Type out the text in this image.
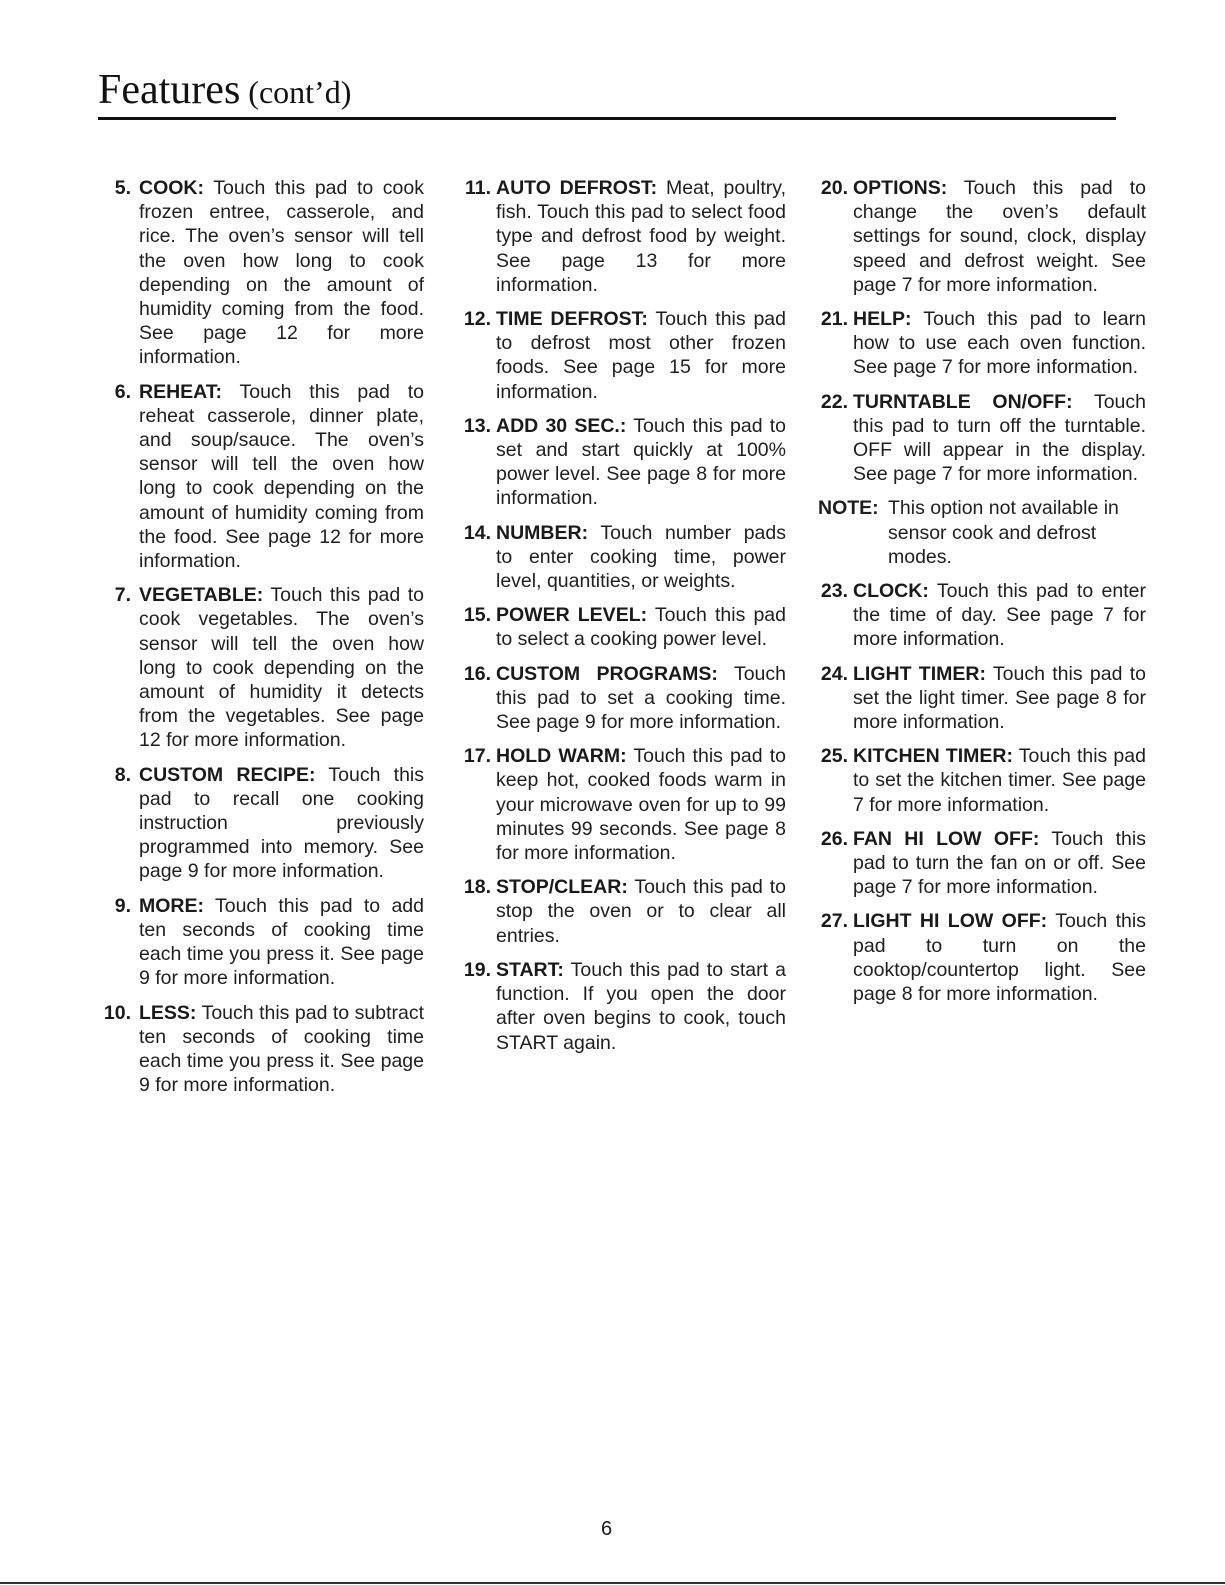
Features (cont’d)
5. COOK: Touch this pad to cook frozen entree, casserole, and rice. The oven’s sensor will tell the oven how long to cook depending on the amount of humidity coming from the food. See page 12 for more information.
6. REHEAT: Touch this pad to reheat casserole, dinner plate, and soup/sauce. The oven’s sensor will tell the oven how long to cook depending on the amount of humidity coming from the food. See page 12 for more information.
7. VEGETABLE: Touch this pad to cook vegetables. The oven’s sensor will tell the oven how long to cook depending on the amount of humidity it detects from the vegetables. See page 12 for more information.
8. CUSTOM RECIPE: Touch this pad to recall one cooking instruction previously programmed into memory. See page 9 for more information.
9. MORE: Touch this pad to add ten seconds of cooking time each time you press it. See page 9 for more information.
10. LESS: Touch this pad to subtract ten seconds of cooking time each time you press it. See page 9 for more information.
11. AUTO DEFROST: Meat, poultry, fish. Touch this pad to select food type and defrost food by weight. See page 13 for more information.
12. TIME DEFROST: Touch this pad to defrost most other frozen foods. See page 15 for more information.
13. ADD 30 SEC.: Touch this pad to set and start quickly at 100% power level. See page 8 for more information.
14. NUMBER: Touch number pads to enter cooking time, power level, quantities, or weights.
15. POWER LEVEL: Touch this pad to select a cooking power level.
16. CUSTOM PROGRAMS: Touch this pad to set a cooking time. See page 9 for more information.
17. HOLD WARM: Touch this pad to keep hot, cooked foods warm in your microwave oven for up to 99 minutes 99 seconds. See page 8 for more information.
18. STOP/CLEAR: Touch this pad to stop the oven or to clear all entries.
19. START: Touch this pad to start a function. If you open the door after oven begins to cook, touch START again.
20. OPTIONS: Touch this pad to change the oven’s default settings for sound, clock, display speed and defrost weight. See page 7 for more information.
21. HELP: Touch this pad to learn how to use each oven function. See page 7 for more information.
22. TURNTABLE ON/OFF: Touch this pad to turn off the turntable. OFF will appear in the display. See page 7 for more information.
NOTE: This option not available in sensor cook and defrost modes.
23. CLOCK: Touch this pad to enter the time of day. See page 7 for more information.
24. LIGHT TIMER: Touch this pad to set the light timer. See page 8 for more information.
25. KITCHEN TIMER: Touch this pad to set the kitchen timer. See page 7 for more information.
26. FAN HI LOW OFF: Touch this pad to turn the fan on or off. See page 7 for more information.
27. LIGHT HI LOW OFF: Touch this pad to turn on the cooktop/countertop light. See page 8 for more information.
6
